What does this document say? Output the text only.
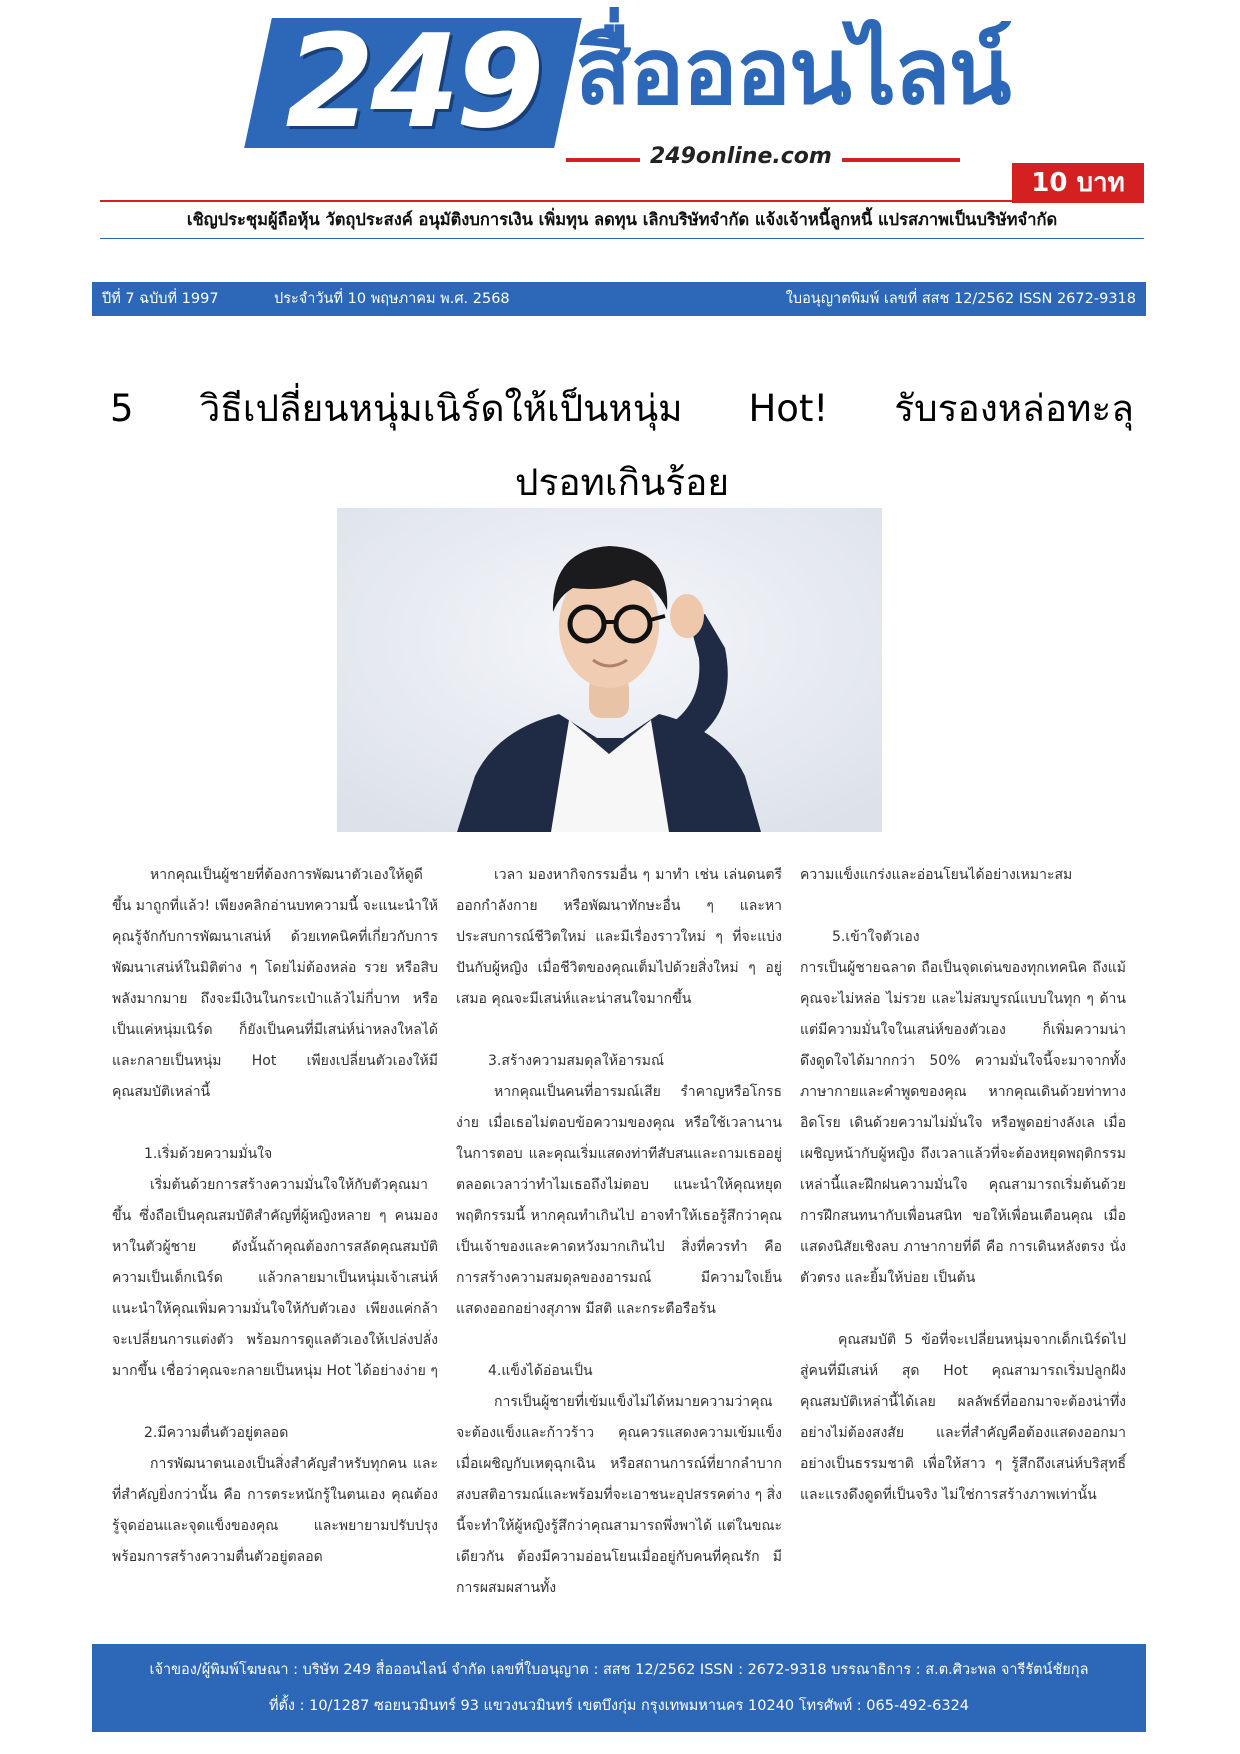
249 สื่อออนไลน์
249online.com
10 บาท
เชิญประชุมผู้ถือหุ้น วัตถุประสงค์ อนุมัติงบการเงิน เพิ่มทุน ลดทุน เลิกบริษัทจำกัด แจ้งเจ้าหนี้ลูกหนี้ แปรสภาพเป็นบริษัทจำกัด
ปีที่ 7 ฉบับที่ 1997	ประจำวันที่ 10 พฤษภาคม พ.ศ. 2568	ใบอนุญาตพิมพ์ เลขที่ สสช 12/2562 ISSN 2672-9318
5 วิธีเปลี่ยนหนุ่มเนิร์ดให้เป็นหนุ่ม Hot! รับรองหล่อทะลุ
ปรอทเกินร้อย

หากคุณเป็นผู้ชายที่ต้องการพัฒนาตัวเองให้ดูดีขึ้น มาถูกที่แล้ว! เพียงคลิกอ่านบทความนี้ จะแนะนำให้คุณรู้จักกับการพัฒนาเสน่ห์ ด้วยเทคนิคที่เกี่ยวกับการพัฒนาเสน่ห์ในมิติต่าง ๆ โดยไม่ต้องหล่อ รวย หรือสิบพลังมากมาย ถึงจะมีเงินในกระเป๋าแล้วไม่กี่บาท หรือเป็นแค่หนุ่มเนิร์ด ก็ยังเป็นคนที่มีเสน่ห์น่าหลงใหลได้ และกลายเป็นหนุ่ม Hot เพียงเปลี่ยนตัวเองให้มีคุณสมบัติเหล่านี้

1.เริ่มด้วยความมั่นใจ

เริ่มต้นด้วยการสร้างความมั่นใจให้กับตัวคุณมาขึ้น ซึ่งถือเป็นคุณสมบัติสำคัญที่ผู้หญิงหลาย ๆ คนมองหาในตัวผู้ชาย ดังนั้นถ้าคุณต้องการสลัดคุณสมบัติความเป็นเด็กเนิร์ด แล้วกลายมาเป็นหนุ่มเจ้าเสน่ห์ แนะนำให้คุณเพิ่มความมั่นใจให้กับตัวเอง เพียงแค่กล้าจะเปลี่ยนการแต่งตัว พร้อมการดูแลตัวเองให้เปล่งปลั่งมากขึ้น เชื่อว่าคุณจะกลายเป็นหนุ่ม Hot ได้อย่างง่าย ๆ

2.มีความตื่นตัวอยู่ตลอด

การพัฒนาตนเองเป็นสิ่งสำคัญสำหรับทุกคน และที่สำคัญยิ่งกว่านั้น คือ การตระหนักรู้ในตนเอง คุณต้องรู้จุดอ่อนและจุดแข็งของคุณ และพยายามปรับปรุง พร้อมการสร้างความตื่นตัวอยู่ตลอด

เวลา มองหากิจกรรมอื่น ๆ มาทำ เช่น เล่นดนตรี ออกกำลังกาย หรือพัฒนาทักษะอื่น ๆ และหาประสบการณ์ชีวิตใหม่ และมีเรื่องราวใหม่ ๆ ที่จะแบ่งปันกับผู้หญิง เมื่อชีวิตของคุณเต็มไปด้วยสิ่งใหม่ ๆ อยู่เสมอ คุณจะมีเสน่ห์และน่าสนใจมากขึ้น

3.สร้างความสมดุลให้อารมณ์

หากคุณเป็นคนที่อารมณ์เสีย รำคาญหรือโกรธง่าย เมื่อเธอไม่ตอบข้อความของคุณ หรือใช้เวลานานในการตอบ และคุณเริ่มแสดงท่าทีสับสนและถามเธออยู่ตลอดเวลาว่าทำไมเธอถึงไม่ตอบ แนะนำให้คุณหยุดพฤติกรรมนี้ หากคุณทำเกินไป อาจทำให้เธอรู้สึกว่าคุณเป็นเจ้าของและคาดหวังมากเกินไป สิ่งที่ควรทำ คือ การสร้างความสมดุลของอารมณ์ มีความใจเย็น แสดงออกอย่างสุภาพ มีสติ และกระตือรือร้น

4.แข็งได้อ่อนเป็น

การเป็นผู้ชายที่เข้มแข็งไม่ได้หมายความว่าคุณจะต้องแข็งและก้าวร้าว คุณควรแสดงความเข้มแข็ง เมื่อเผชิญกับเหตุฉุกเฉิน หรือสถานการณ์ที่ยากลำบาก สงบสติอารมณ์และพร้อมที่จะเอาชนะอุปสรรคต่าง ๆ สิ่งนี้จะทำให้ผู้หญิงรู้สึกว่าคุณสามารถพึ่งพาได้ แต่ในขณะเดียวกัน ต้องมีความอ่อนโยนเมื่ออยู่กับคนที่คุณรัก มีการผสมผสานทั้ง

ความแข็งแกร่งและอ่อนโยนได้อย่างเหมาะสม

5.เข้าใจตัวเอง

การเป็นผู้ชายฉลาด ถือเป็นจุดเด่นของทุกเทคนิค ถึงแม้คุณจะไม่หล่อ ไม่รวย และไม่สมบูรณ์แบบในทุก ๆ ด้าน แต่มีความมั่นใจในเสน่ห์ของตัวเอง ก็เพิ่มความน่าดึงดูดใจได้มากกว่า 50% ความมั่นใจนี้จะมาจากทั้งภาษากายและคำพูดของคุณ หากคุณเดินด้วยท่าทางอิดโรย เดินด้วยความไม่มั่นใจ หรือพูดอย่างลังเล เมื่อเผชิญหน้ากับผู้หญิง ถึงเวลาแล้วที่จะต้องหยุดพฤติกรรมเหล่านี้และฝึกฝนความมั่นใจ คุณสามารถเริ่มต้นด้วยการฝึกสนทนากับเพื่อนสนิท ขอให้เพื่อนเตือนคุณ เมื่อแสดงนิสัยเชิงลบ ภาษากายที่ดี คือ การเดินหลังตรง นั่งตัวตรง และยิ้มให้บ่อย เป็นต้น

คุณสมบัติ 5 ข้อที่จะเปลี่ยนหนุ่มจากเด็กเนิร์ดไปสู่คนที่มีเสน่ห์ สุด Hot คุณสามารถเริ่มปลูกฝังคุณสมบัติเหล่านี้ได้เลย ผลลัพธ์ที่ออกมาจะต้องน่าทึ่งอย่างไม่ต้องสงสัย และที่สำคัญคือต้องแสดงออกมาอย่างเป็นธรรมชาติ เพื่อให้สาว ๆ รู้สึกถึงเสน่ห์บริสุทธิ์ และแรงดึงดูดที่เป็นจริง ไม่ใช่การสร้างภาพเท่านั้น

เจ้าของ/ผู้พิมพ์โฆษณา : บริษัท 249 สื่อออนไลน์ จำกัด เลขที่ใบอนุญาต : สสช 12/2562 ISSN : 2672-9318 บรรณาธิการ : ส.ต.ศิวะพล จารีรัตน์ชัยกุล
ที่ตั้ง : 10/1287 ซอยนวมินทร์ 93 แขวงนวมินทร์ เขตบึงกุ่ม กรุงเทพมหานคร 10240 โทรศัพท์ : 065-492-6324
